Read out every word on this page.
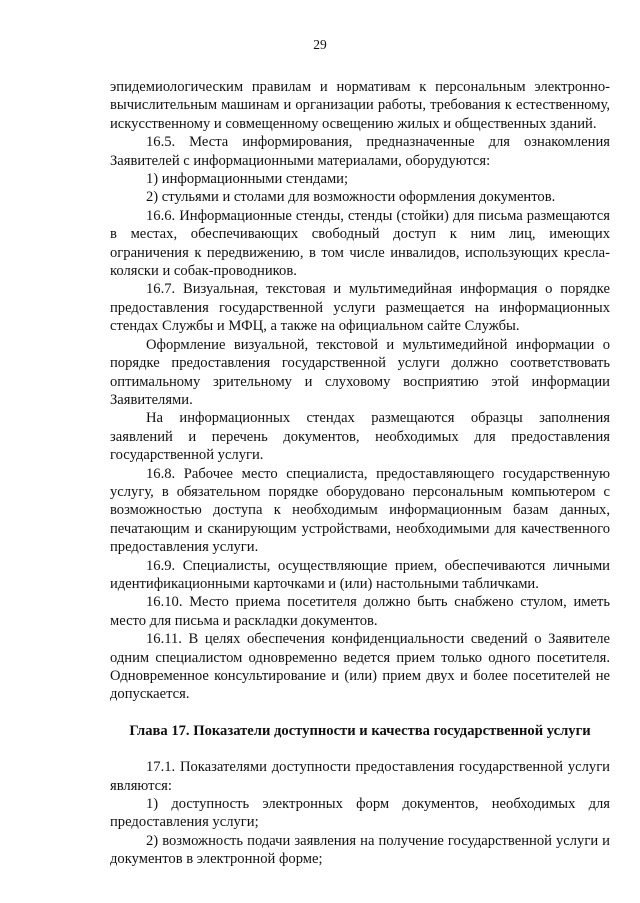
29

эпидемиологическим правилам и нормативам к персональным электронно-вычислительным машинам и организации работы, требования к естественному, искусственному и совмещенному освещению жилых и общественных зданий.

16.5. Места информирования, предназначенные для ознакомления Заявителей с информационными материалами, оборудуются:

1) информационными стендами;

2) стульями и столами для возможности оформления документов.

16.6. Информационные стенды, стенды (стойки) для письма размещаются в местах, обеспечивающих свободный доступ к ним лиц, имеющих ограничения к передвижению, в том числе инвалидов, использующих кресла-коляски и собак-проводников.

16.7. Визуальная, текстовая и мультимедийная информация о порядке предоставления государственной услуги размещается на информационных стендах Службы и МФЦ, а также на официальном сайте Службы.

Оформление визуальной, текстовой и мультимедийной информации о порядке предоставления государственной услуги должно соответствовать оптимальному зрительному и слуховому восприятию этой информации Заявителями.

На информационных стендах размещаются образцы заполнения заявлений и перечень документов, необходимых для предоставления государственной услуги.

16.8. Рабочее место специалиста, предоставляющего государственную услугу, в обязательном порядке оборудовано персональным компьютером с возможностью доступа к необходимым информационным базам данных, печатающим и сканирующим устройствами, необходимыми для качественного предоставления услуги.

16.9. Специалисты, осуществляющие прием, обеспечиваются личными идентификационными карточками и (или) настольными табличками.

16.10. Место приема посетителя должно быть снабжено стулом, иметь место для письма и раскладки документов.

16.11. В целях обеспечения конфиденциальности сведений о Заявителе одним специалистом одновременно ведется прием только одного посетителя. Одновременное консультирование и (или) прием двух и более посетителей не допускается.

Глава 17. Показатели доступности и качества государственной услуги

17.1. Показателями доступности предоставления государственной услуги являются:

1) доступность электронных форм документов, необходимых для предоставления услуги;

2) возможность подачи заявления на получение государственной услуги и документов в электронной форме;
